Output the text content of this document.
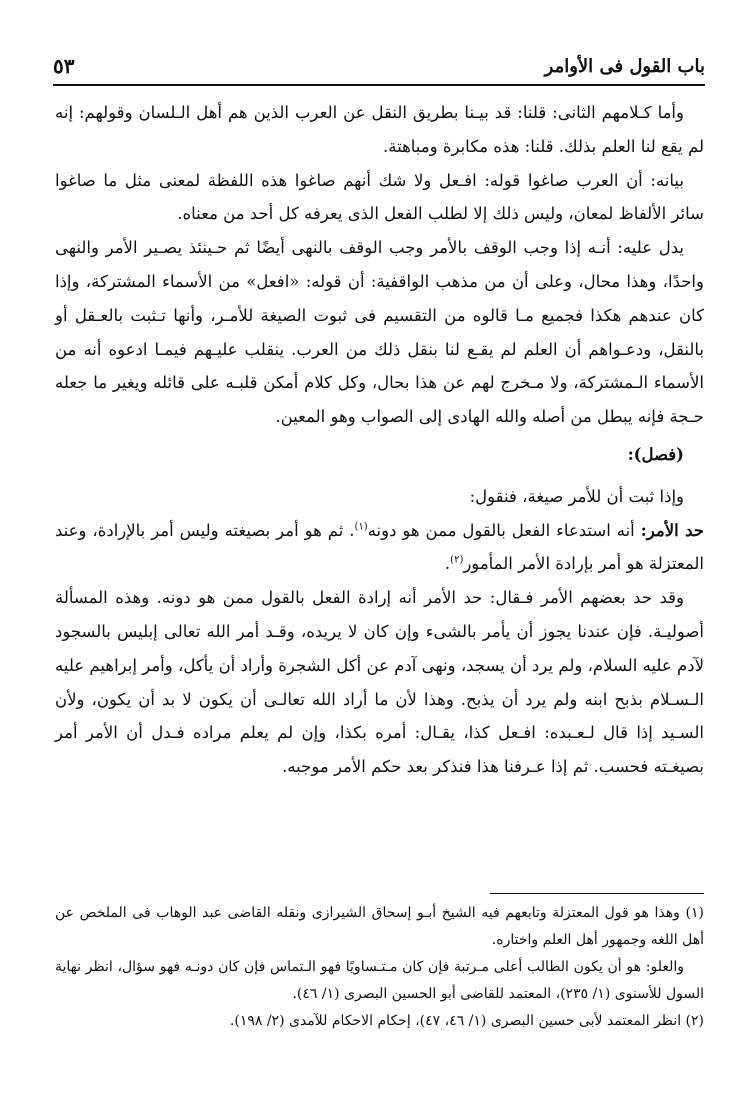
باب القول فى الأوامر
٥٣

وأما كـلامهم الثانى: قلنا: قد بيـنا بطريق النقل عن العرب الذين هم أهل الـلسان وقولهم: إنه لم يقع لنا العلم بذلك. قلنا: هذه مكابرة ومباهتة.

بيانه: أن العرب صاغوا قوله: افـعل ولا شك أنهم صاغوا هذه اللفظة لمعنى مثل ما صاغوا سائر الألفاظ لمعان، وليس ذلك إلا لطلب الفعل الذى يعرفه كل أحد من معناه.

يدل عليه: أنـه إذا وجب الوقف بالأمر وجب الوقف بالنهى أيضًا ثم حـينئذ يصـير الأمر والنهى واحدًا، وهذا محال، وعلى أن من مذهب الواقفية: أن قوله: «افعل» من الأسماء المشتركة، وإذا كان عندهم هكذا فجميع مـا قالوه من التقسيم فى ثبوت الصيغة للأمـر، وأنها تـثبت بالعـقل أو بالنقل، ودعـواهم أن العلم لم يقـع لنا بنقل ذلك من العرب. ينقلب عليـهم فيمـا ادعوه أنه من الأسماء الـمشتركة، ولا مـخرج لهم عن هذا بحال، وكل كلام أمكن قلبـه على قائله ويغير ما جعله حـجة فإنه يبطل من أصله والله الهادى إلى الصواب وهو المعين.

(فصل):

وإذا ثبت أن للأمر صيغة، فنقول:

حد الأمر: أنه استدعاء الفعل بالقول ممن هو دونه$^{(١)}$. ثم هو أمر بصيغته وليس أمر بالإرادة، وعند المعتزلة هو أمر بإرادة الأمر المأمور$^{(٢)}$.

وقد حد بعضهم الأمر فـقال: حد الأمر أنه إرادة الفعل بالقول ممن هو دونه. وهذه المسألة أصوليـة. فإن عندنا يجوز أن يأمر بالشىء وإن كان لا يريده، وقـد أمر الله تعالى إبليس بالسجود لآدم عليه السلام، ولم يرد أن يسجد، ونهى آدم عن أكل الشجرة وأراد أن يأكل، وأمر إبراهيم عليه الـسـلام بذبح ابنه ولم يرد أن يذبح. وهذا لأن ما أراد الله تعالـى أن يكون لا بد أن يكون، ولأن السـيد إذا قال لـعـبده: افـعل كذا، يقـال: أمره بكذا، وإن لم يعلم مراده فـدل أن الأمر أمر بصيغـته فحسب. ثم إذا عـرفنا هذا فنذكر بعد حكم الأمر موجبه.

(١) وهذا هو قول المعتزلة وتابعهم فيه الشيخ أبـو إسحاق الشيرازى ونقله القاضى عبد الوهاب فى الملخص عن أهل اللغه وجمهور أهل العلم واختاره.

والعلو: هو أن يكون الطالب أعلى مـرتبة فإن كان مـتـساويًا فهو الـتماس فإن كان دونـه فهو سؤال، انظر نهاية السول للأسنوى (١/ ٢٣٥)، المعتمد للقاضى أبو الحسين البصرى (١/ ٤٦).

(٢) انظر المعتمد لأبى حسين البصرى (١/ ٤٦، ٤٧)، إحكام الاحكام للآمدى (٢/ ١٩٨).
